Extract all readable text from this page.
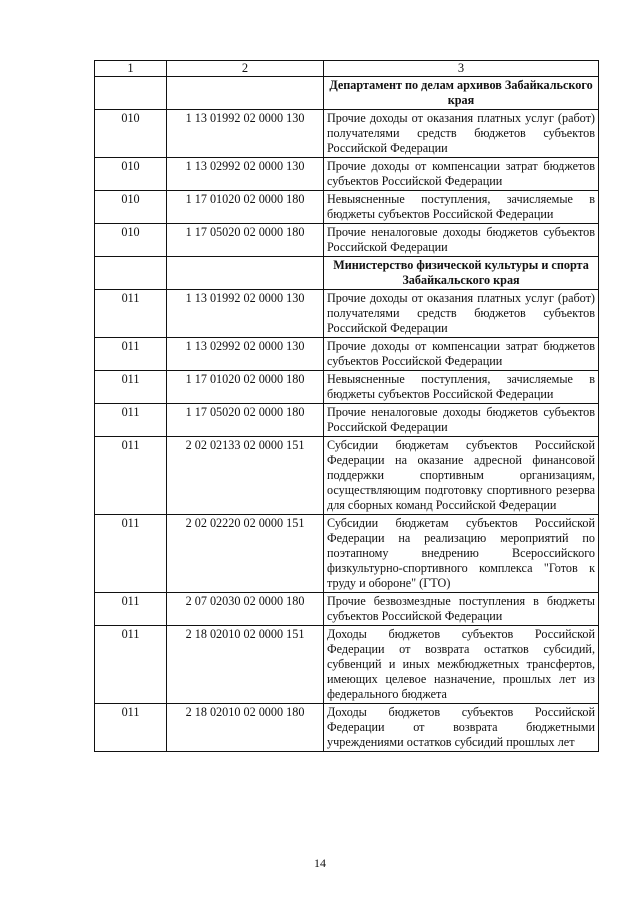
1	2	3
		Департамент по делам архивов Забайкальского края
010	1 13 01992 02 0000 130	Прочие доходы от оказания платных услуг (работ) получателями средств бюджетов субъектов Российской Федерации
010	1 13 02992 02 0000 130	Прочие доходы от компенсации затрат бюджетов субъектов Российской Федерации
010	1 17 01020 02 0000 180	Невыясненные поступления, зачисляемые в бюджеты субъектов Российской Федерации
010	1 17 05020 02 0000 180	Прочие неналоговые доходы бюджетов субъектов Российской Федерации
		Министерство физической культуры и спорта Забайкальского края
011	1 13 01992 02 0000 130	Прочие доходы от оказания платных услуг (работ) получателями средств бюджетов субъектов Российской Федерации
011	1 13 02992 02 0000 130	Прочие доходы от компенсации затрат бюджетов субъектов Российской Федерации
011	1 17 01020 02 0000 180	Невыясненные поступления, зачисляемые в бюджеты субъектов Российской Федерации
011	1 17 05020 02 0000 180	Прочие неналоговые доходы бюджетов субъектов Российской Федерации
011	2 02 02133 02 0000 151	Субсидии бюджетам субъектов Российской Федерации на оказание адресной финансовой поддержки спортивным организациям, осуществляющим подготовку спортивного резерва для сборных команд Российской Федерации
011	2 02 02220 02 0000 151	Субсидии бюджетам субъектов Российской Федерации на реализацию мероприятий по поэтапному внедрению Всероссийского физкультурно-спортивного комплекса "Готов к труду и обороне" (ГТО)
011	2 07 02030 02 0000 180	Прочие безвозмездные поступления в бюджеты субъектов Российской Федерации
011	2 18 02010 02 0000 151	Доходы бюджетов субъектов Российской Федерации от возврата остатков субсидий, субвенций и иных межбюджетных трансфертов, имеющих целевое назначение, прошлых лет из федерального бюджета
011	2 18 02010 02 0000 180	Доходы бюджетов субъектов Российской Федерации от возврата бюджетными учреждениями остатков субсидий прошлых лет
14
